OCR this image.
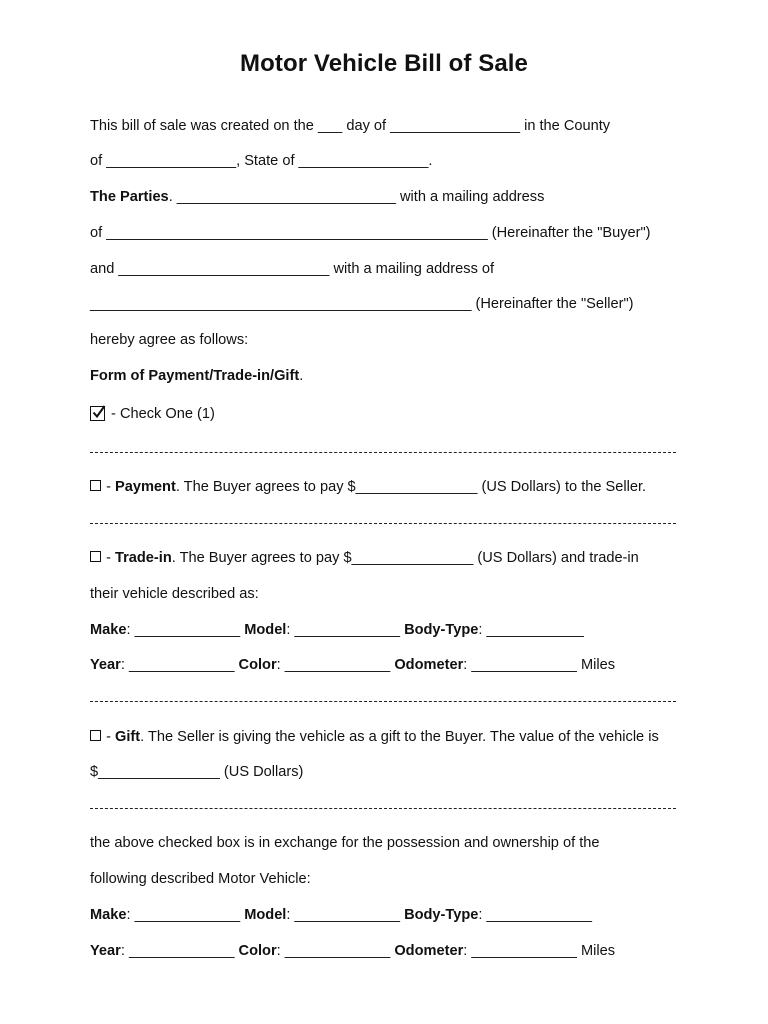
Motor Vehicle Bill of Sale
This bill of sale was created on the ___ day of ________________ in the County
of ________________, State of ________________.
The Parties. ___________________________ with a mailing address
of _______________________________________________ (Hereinafter the "Buyer")
and __________________________ with a mailing address of
_______________________________________________ (Hereinafter the "Seller")
hereby agree as follows:
Form of Payment/Trade-in/Gift.
- Check One (1)
- Payment. The Buyer agrees to pay $_______________ (US Dollars) to the Seller.
- Trade-in. The Buyer agrees to pay $_______________ (US Dollars) and trade-in
their vehicle described as:
Make: _____________ Model: _____________ Body-Type: ____________
Year: _____________ Color: _____________ Odometer: _____________ Miles
- Gift. The Seller is giving the vehicle as a gift to the Buyer. The value of the vehicle is
$_______________ (US Dollars)
the above checked box is in exchange for the possession and ownership of the
following described Motor Vehicle:
Make: _____________ Model: _____________ Body-Type: _____________
Year: _____________ Color: _____________ Odometer: _____________ Miles
